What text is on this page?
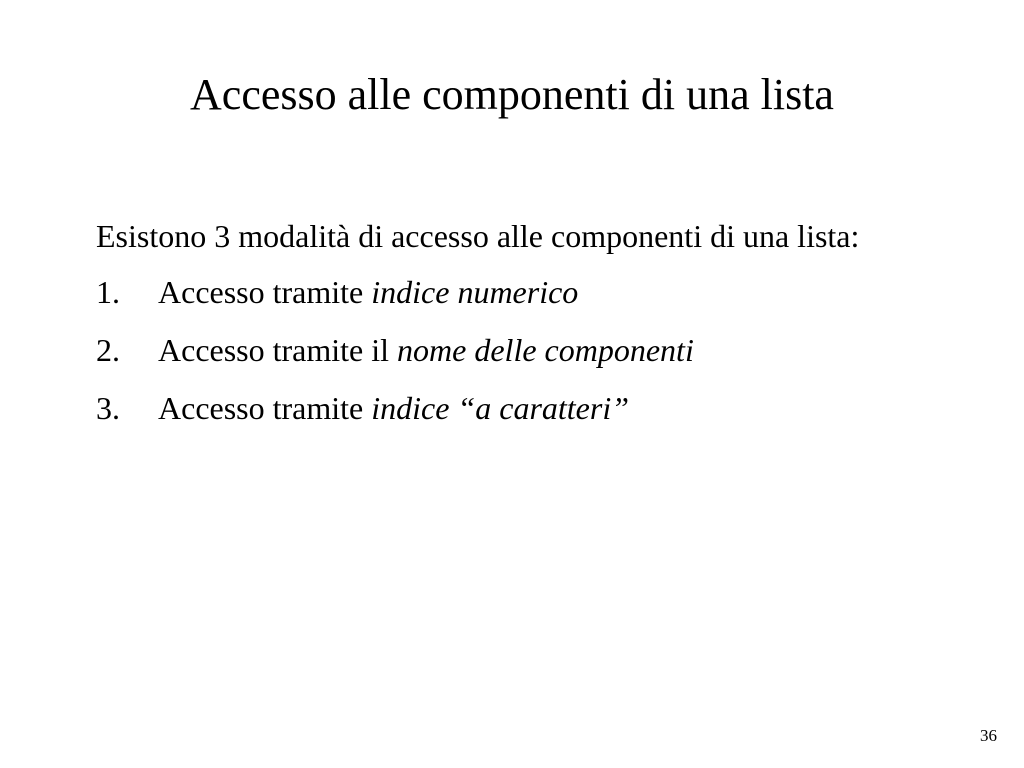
Accesso alle componenti di una lista

Esistono 3 modalità di accesso alle componenti di una lista:

1. Accesso tramite indice numerico
2. Accesso tramite il nome delle componenti
3. Accesso tramite indice “a caratteri”
36
